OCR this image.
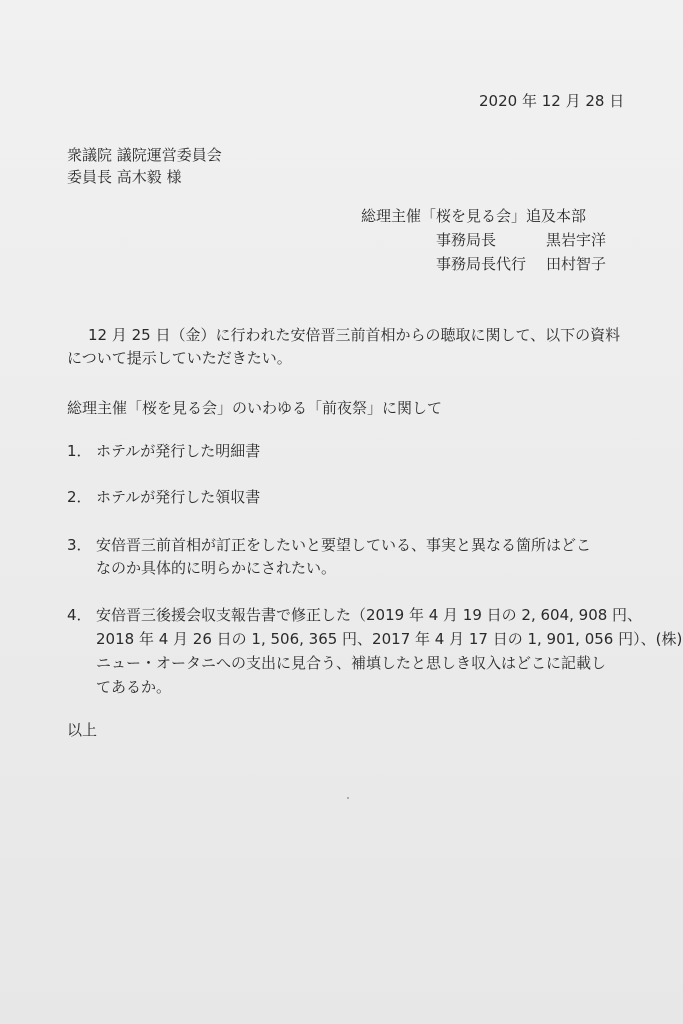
2020 年 12 月 28 日
衆議院 議院運営委員会
委員長 高木毅 様
総理主催「桜を見る会」追及本部
事務局長	黒岩宇洋
事務局長代行 田村智子
12 月 25 日（金）に行われた安倍晋三前首相からの聴取に関して、以下の資料
について提示していただきたい。
総理主催「桜を見る会」のいわゆる「前夜祭」に関して
1． ホテルが発行した明細書
2． ホテルが発行した領収書
3． 安倍晋三前首相が訂正をしたいと要望している、事実と異なる箇所はどこ
なのか具体的に明らかにされたい。
4． 安倍晋三後援会収支報告書で修正した（2019 年 4 月 19 日の 2, 604, 908 円、
2018 年 4 月 26 日の 1, 506, 365 円、2017 年 4 月 17 日の 1, 901, 056 円）、(株)
ニュー・オータニへの支出に見合う、補填したと思しき収入はどこに記載し
てあるか。
以上
